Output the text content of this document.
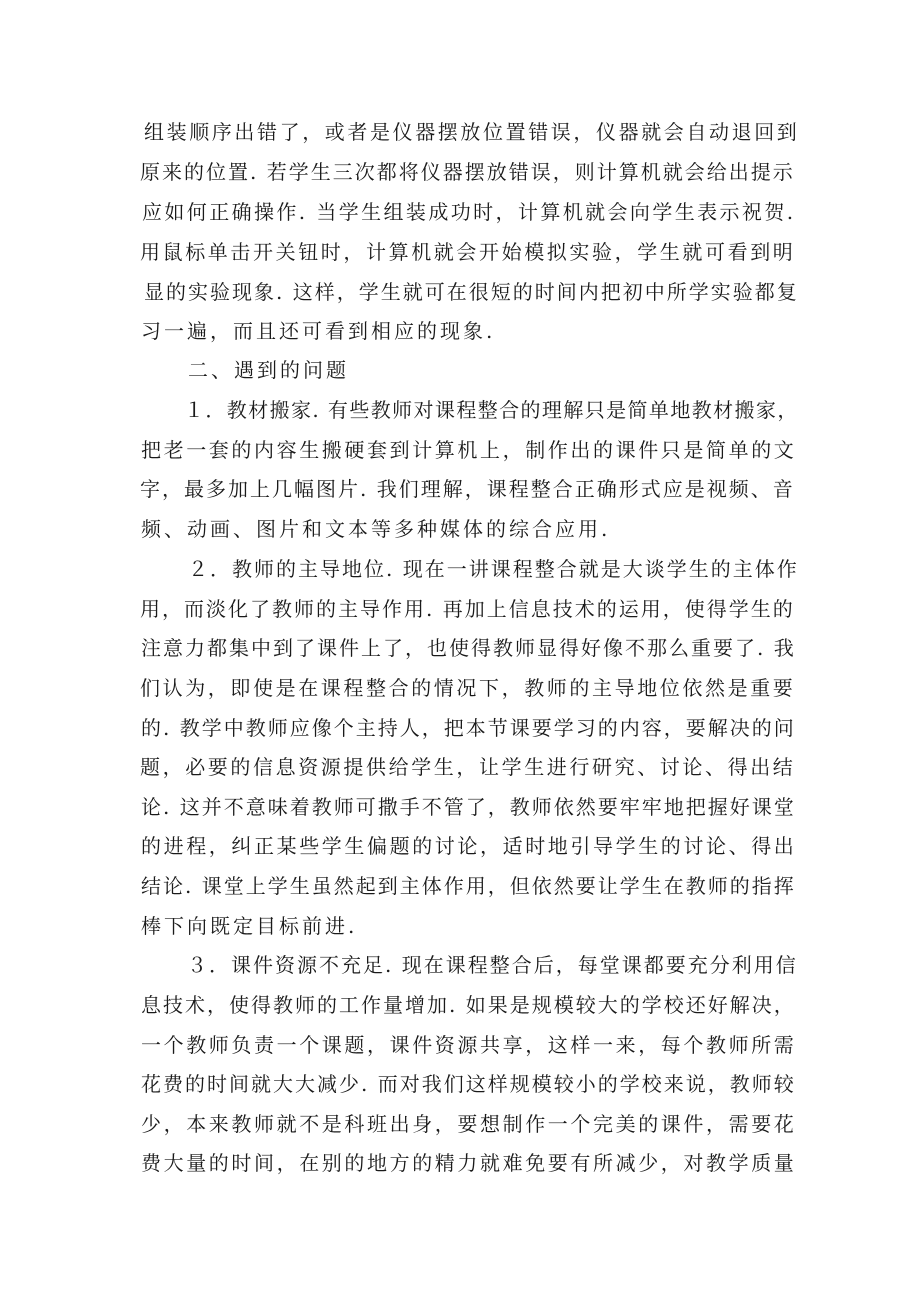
组装顺序出错了，或者是仪器摆放位置错误，仪器就会自动退回到
原来的位置. 若学生三次都将仪器摆放错误，则计算机就会给出提示
应如何正确操作. 当学生组装成功时，计算机就会向学生表示祝贺.
用鼠标单击开关钮时，计算机就会开始模拟实验，学生就可看到明
显的实验现象. 这样，学生就可在很短的时间内把初中所学实验都复
习一遍，而且还可看到相应的现象.
二、遇到的问题
１．教材搬家. 有些教师对课程整合的理解只是简单地教材搬家，
把老一套的内容生搬硬套到计算机上，制作出的课件只是简单的文
字，最多加上几幅图片. 我们理解，课程整合正确形式应是视频、音
频、动画、图片和文本等多种媒体的综合应用.
２．教师的主导地位. 现在一讲课程整合就是大谈学生的主体作
用，而淡化了教师的主导作用. 再加上信息技术的运用，使得学生的
注意力都集中到了课件上了，也使得教师显得好像不那么重要了. 我
们认为，即使是在课程整合的情况下，教师的主导地位依然是重要
的. 教学中教师应像个主持人，把本节课要学习的内容，要解决的问
题，必要的信息资源提供给学生，让学生进行研究、讨论、得出结
论. 这并不意味着教师可撒手不管了，教师依然要牢牢地把握好课堂
的进程，纠正某些学生偏题的讨论，适时地引导学生的讨论、得出
结论. 课堂上学生虽然起到主体作用，但依然要让学生在教师的指挥
棒下向既定目标前进.
３．课件资源不充足. 现在课程整合后，每堂课都要充分利用信
息技术，使得教师的工作量增加. 如果是规模较大的学校还好解决，
一个教师负责一个课题，课件资源共享，这样一来，每个教师所需
花费的时间就大大减少. 而对我们这样规模较小的学校来说，教师较
少，本来教师就不是科班出身，要想制作一个完美的课件，需要花
费大量的时间，在别的地方的精力就难免要有所减少，对教学质量
